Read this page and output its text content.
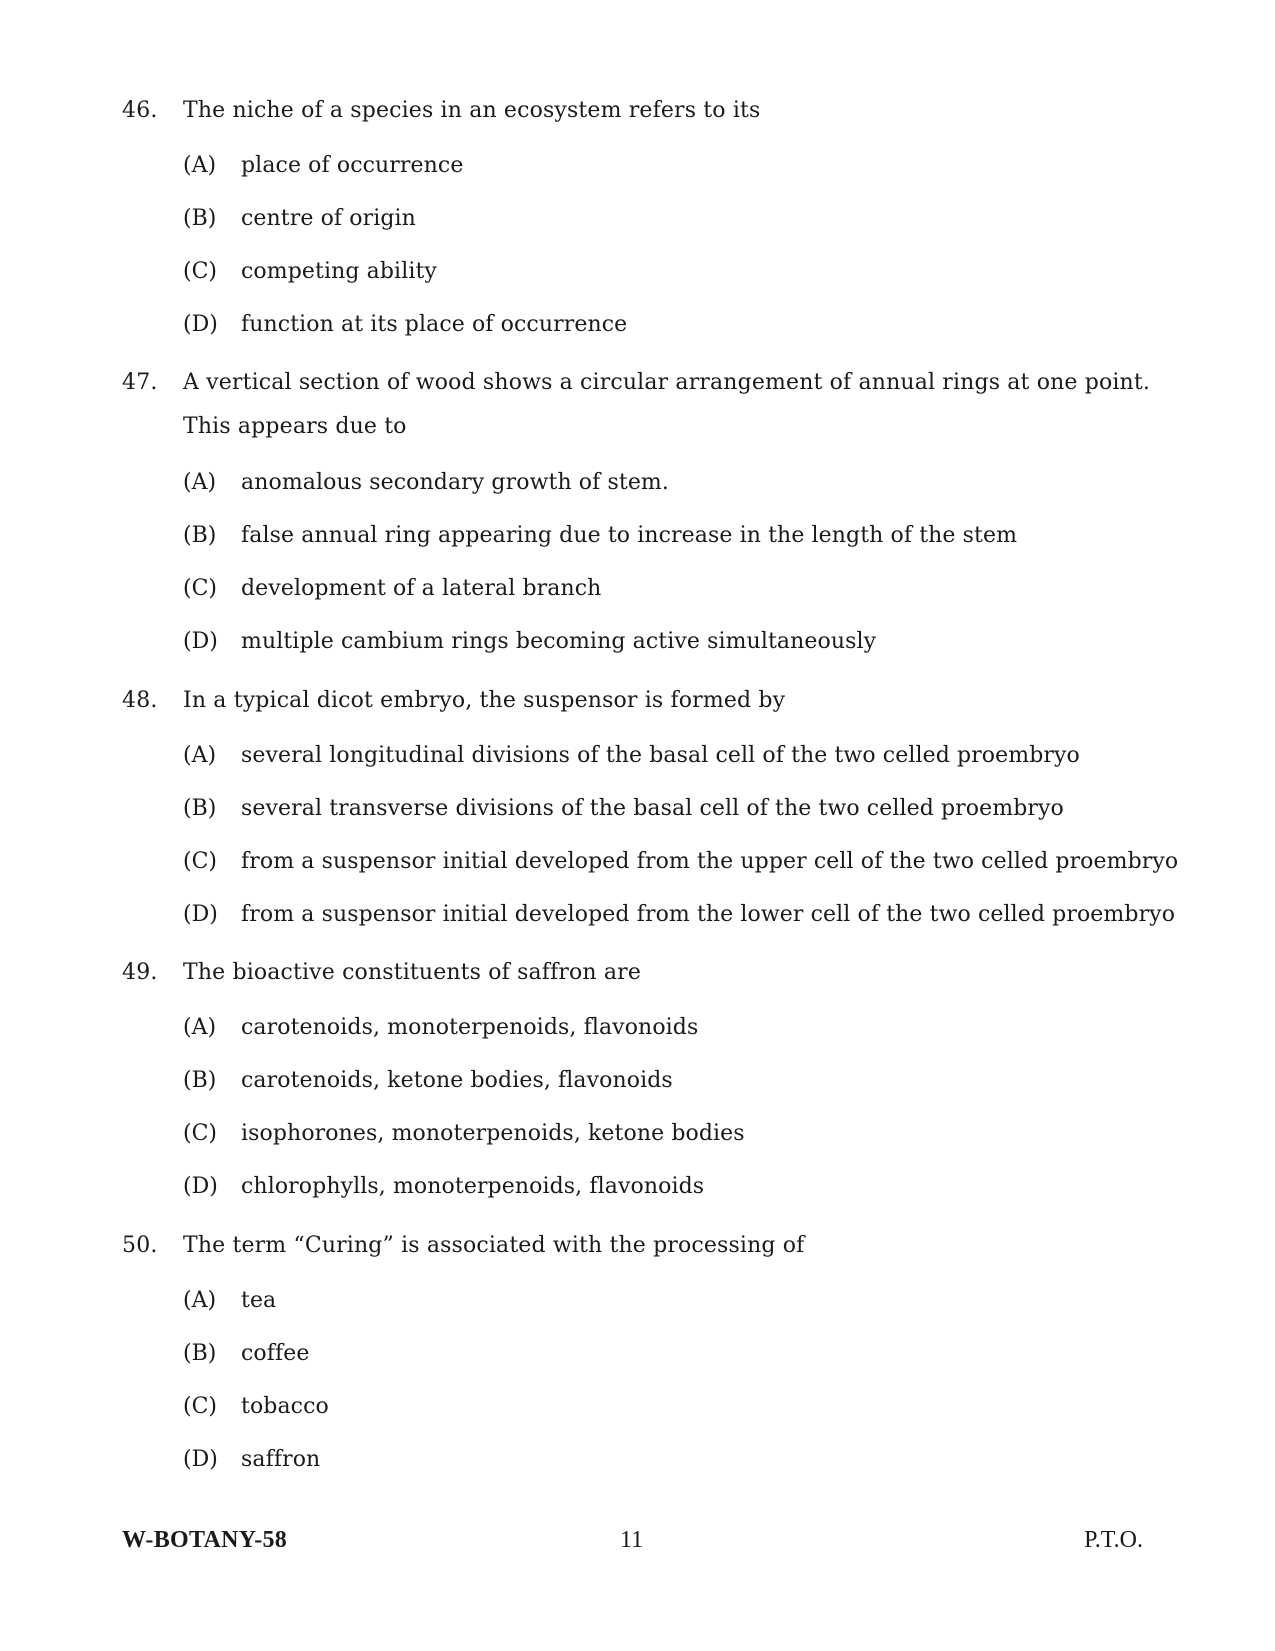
46. The niche of a species in an ecosystem refers to its
(A) place of occurrence
(B) centre of origin
(C) competing ability
(D) function at its place of occurrence
47. A vertical section of wood shows a circular arrangement of annual rings at one point. This appears due to
(A) anomalous secondary growth of stem.
(B) false annual ring appearing due to increase in the length of the stem
(C) development of a lateral branch
(D) multiple cambium rings becoming active simultaneously
48. In a typical dicot embryo, the suspensor is formed by
(A) several longitudinal divisions of the basal cell of the two celled proembryo
(B) several transverse divisions of the basal cell of the two celled proembryo
(C) from a suspensor initial developed from the upper cell of the two celled proembryo
(D) from a suspensor initial developed from the lower cell of the two celled proembryo
49. The bioactive constituents of saffron are
(A) carotenoids, monoterpenoids, flavonoids
(B) carotenoids, ketone bodies, flavonoids
(C) isophorones, monoterpenoids, ketone bodies
(D) chlorophylls, monoterpenoids, flavonoids
50. The term “Curing” is associated with the processing of
(A) tea
(B) coffee
(C) tobacco
(D) saffron
W-BOTANY-58	11	P.T.O.
